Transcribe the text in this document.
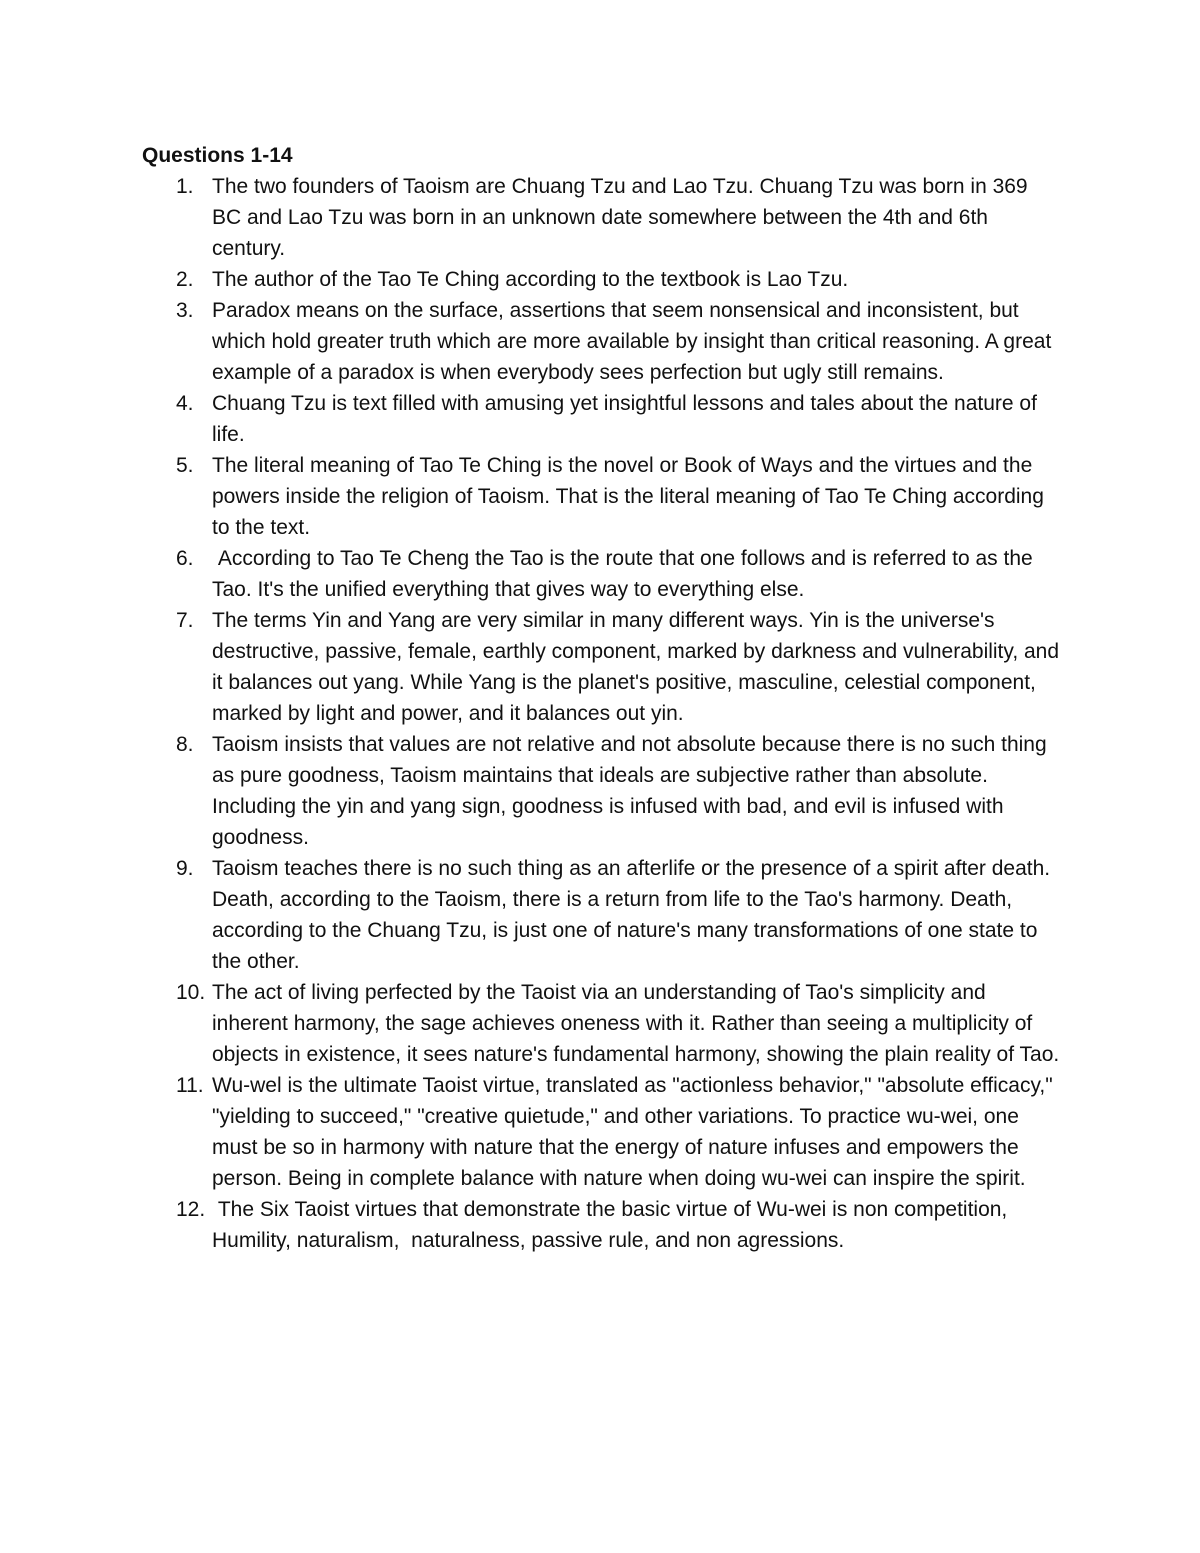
Questions 1-14
1. The two founders of Taoism are Chuang Tzu and Lao Tzu. Chuang Tzu was born in 369 BC and Lao Tzu was born in an unknown date somewhere between the 4th and 6th century.
2. The author of the Tao Te Ching according to the textbook is Lao Tzu.
3. Paradox means on the surface, assertions that seem nonsensical and inconsistent, but which hold greater truth which are more available by insight than critical reasoning. A great example of a paradox is when everybody sees perfection but ugly still remains.
4. Chuang Tzu is text filled with amusing yet insightful lessons and tales about the nature of life.
5. The literal meaning of Tao Te Ching is the novel or Book of Ways and the virtues and the powers inside the religion of Taoism. That is the literal meaning of Tao Te Ching according to the text.
6. According to Tao Te Cheng the Tao is the route that one follows and is referred to as the Tao. It's the unified everything that gives way to everything else.
7. The terms Yin and Yang are very similar in many different ways. Yin is the universe's destructive, passive, female, earthly component, marked by darkness and vulnerability, and it balances out yang. While Yang is the planet's positive, masculine, celestial component, marked by light and power, and it balances out yin.
8. Taoism insists that values are not relative and not absolute because there is no such thing as pure goodness, Taoism maintains that ideals are subjective rather than absolute. Including the yin and yang sign, goodness is infused with bad, and evil is infused with goodness.
9. Taoism teaches there is no such thing as an afterlife or the presence of a spirit after death. Death, according to the Taoism, there is a return from life to the Tao's harmony. Death, according to the Chuang Tzu, is just one of nature's many transformations of one state to the other.
10. The act of living perfected by the Taoist via an understanding of Tao's simplicity and inherent harmony, the sage achieves oneness with it. Rather than seeing a multiplicity of objects in existence, it sees nature's fundamental harmony, showing the plain reality of Tao.
11. Wu-wel is the ultimate Taoist virtue, translated as "actionless behavior," "absolute efficacy," "yielding to succeed," "creative quietude," and other variations. To practice wu-wei, one must be so in harmony with nature that the energy of nature infuses and empowers the person. Being in complete balance with nature when doing wu-wei can inspire the spirit.
12. The Six Taoist virtues that demonstrate the basic virtue of Wu-wei is non competition, Humility, naturalism,  naturalness, passive rule, and non agressions.
